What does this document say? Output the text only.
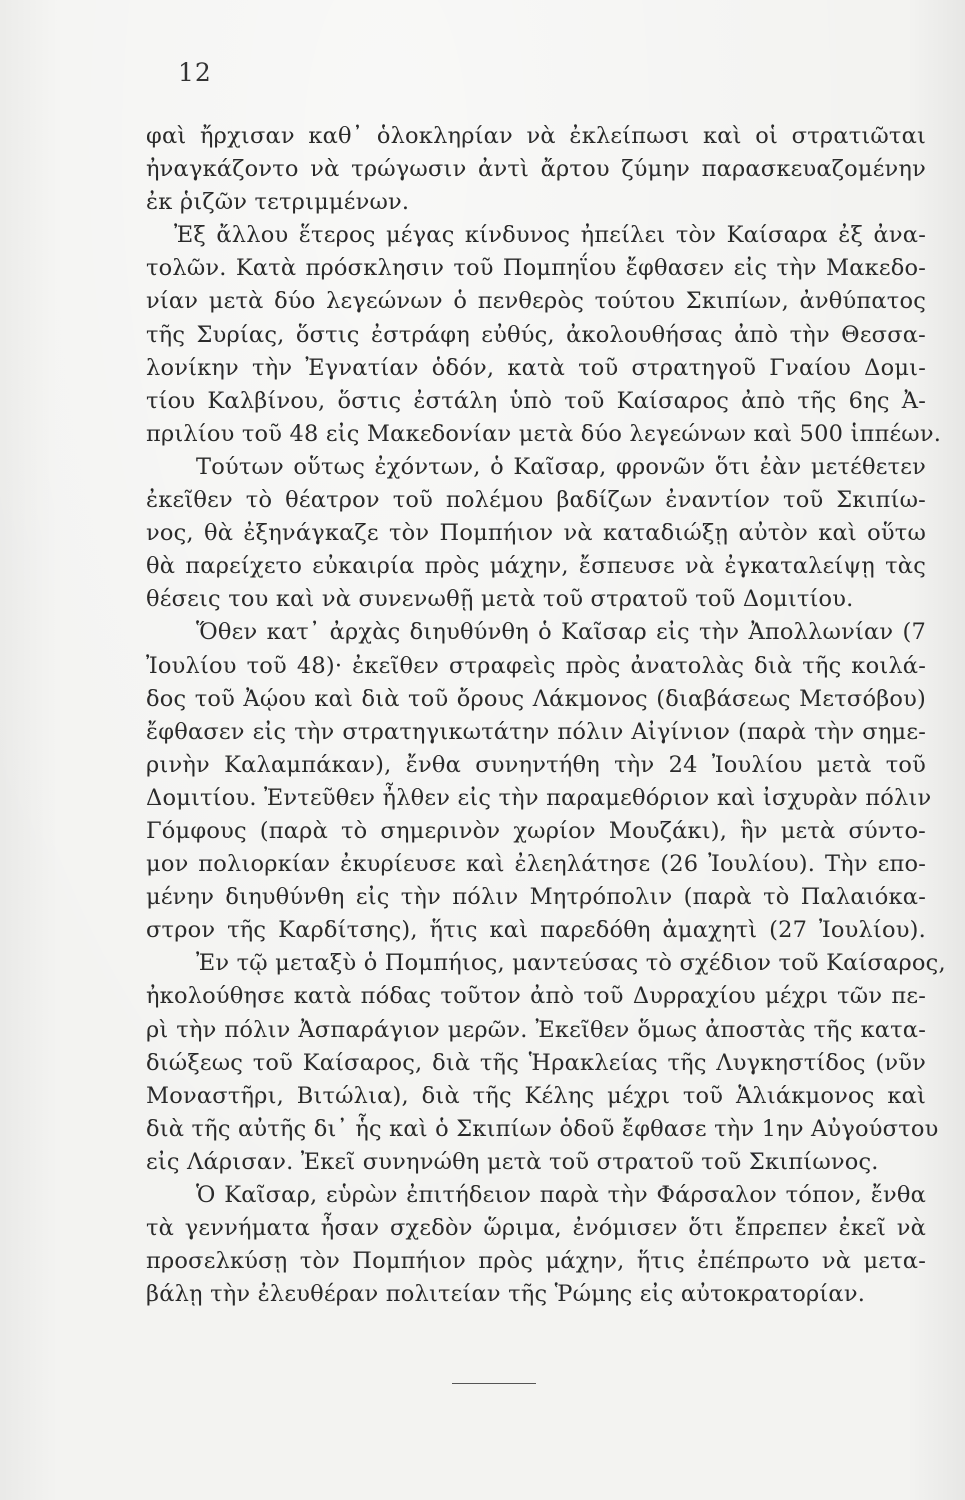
12
φαὶ ἤρχισαν καθ᾽ ὁλοκληρίαν νὰ ἐκλείπωσι καὶ οἱ στρατιῶται
ἠναγκάζοντο νὰ τρώγωσιν ἀντὶ ἄρτου ζύμην παρασκευαζομένην
ἐκ ῥιζῶν τετριμμένων.
Ἐξ ἄλλου ἕτερος μέγας κίνδυνος ἠπείλει τὸν Καίσαρα ἐξ ἀνα-
τολῶν. Κατὰ πρόσκλησιν τοῦ Πομπηΐου ἔφθασεν εἰς τὴν Μακεδο-
νίαν μετὰ δύο λεγεώνων ὁ πενθερὸς τούτου Σκιπίων, ἀνθύπατος
τῆς Συρίας, ὅστις ἐστράφη εὐθύς, ἀκολουθήσας ἀπὸ τὴν Θεσσα-
λονίκην τὴν Ἐγνατίαν ὁδόν, κατὰ τοῦ στρατηγοῦ Γναίου Δομι-
τίου Καλβίνου, ὅστις ἐστάλη ὑπὸ τοῦ Καίσαρος ἀπὸ τῆς 6ης Ἀ-
πριλίου τοῦ 48 εἰς Μακεδονίαν μετὰ δύο λεγεώνων καὶ 500 ἱππέων.
Τούτων οὕτως ἐχόντων, ὁ Καῖσαρ, φρονῶν ὅτι ἐὰν μετέθετεν
ἐκεῖθεν τὸ θέατρον τοῦ πολέμου βαδίζων ἐναντίον τοῦ Σκιπίω-
νος, θὰ ἐξηνάγκαζε τὸν Πομπήιον νὰ καταδιώξῃ αὐτὸν καὶ οὕτω
θὰ παρείχετο εὐκαιρία πρὸς μάχην, ἔσπευσε νὰ ἐγκαταλείψῃ τὰς
θέσεις του καὶ νὰ συνενωθῇ μετὰ τοῦ στρατοῦ τοῦ Δομιτίου.
Ὅθεν κατ᾽ ἀρχὰς διηυθύνθη ὁ Καῖσαρ εἰς τὴν Ἀπολλωνίαν (7
Ἰουλίου τοῦ 48)· ἐκεῖθεν στραφεὶς πρὸς ἀνατολὰς διὰ τῆς κοιλά-
δος τοῦ Ἀῴου καὶ διὰ τοῦ ὄρους Λάκμονος (διαβάσεως Μετσόβου)
ἔφθασεν εἰς τὴν στρατηγικωτάτην πόλιν Αἰγίνιον (παρὰ τὴν σημε-
ρινὴν Καλαμπάκαν), ἔνθα συνηντήθη τὴν 24 Ἰουλίου μετὰ τοῦ
Δομιτίου. Ἐντεῦθεν ἦλθεν εἰς τὴν παραμεθόριον καὶ ἰσχυρὰν πόλιν
Γόμφους (παρὰ τὸ σημερινὸν χωρίον Μουζάκι), ἣν μετὰ σύντο-
μον πολιορκίαν ἐκυρίευσε καὶ ἐλεηλάτησε (26 Ἰουλίου). Τὴν επο-
μένην διηυθύνθη εἰς τὴν πόλιν Μητρόπολιν (παρὰ τὸ Παλαιόκα-
στρον τῆς Καρδίτσης), ἥτις καὶ παρεδόθη ἀμαχητὶ (27 Ἰουλίου).
Ἐν τῷ μεταξὺ ὁ Πομπήιος, μαντεύσας τὸ σχέδιον τοῦ Καίσαρος,
ἠκολούθησε κατὰ πόδας τοῦτον ἀπὸ τοῦ Δυρραχίου μέχρι τῶν πε-
ρὶ τὴν πόλιν Ἀσπαράγιον μερῶν. Ἐκεῖθεν ὅμως ἀποστὰς τῆς κατα-
διώξεως τοῦ Καίσαρος, διὰ τῆς Ἡρακλείας τῆς Λυγκηστίδος (νῦν
Μοναστῆρι, Βιτώλια), διὰ τῆς Κέλης μέχρι τοῦ Ἁλιάκμονος καὶ
διὰ τῆς αὐτῆς δι᾽ ἧς καὶ ὁ Σκιπίων ὁδοῦ ἔφθασε τὴν 1ην Αὐγούστου
εἰς Λάρισαν. Ἐκεῖ συνηνώθη μετὰ τοῦ στρατοῦ τοῦ Σκιπίωνος.
Ὁ Καῖσαρ, εὑρὼν ἐπιτήδειον παρὰ τὴν Φάρσαλον τόπον, ἔνθα
τὰ γεννήματα ἦσαν σχεδὸν ὥριμα, ἐνόμισεν ὅτι ἔπρεπεν ἐκεῖ νὰ
προσελκύσῃ τὸν Πομπήιον πρὸς μάχην, ἥτις ἐπέπρωτο νὰ μετα-
βάλῃ τὴν ἐλευθέραν πολιτείαν τῆς Ῥώμης εἰς αὐτοκρατορίαν.
